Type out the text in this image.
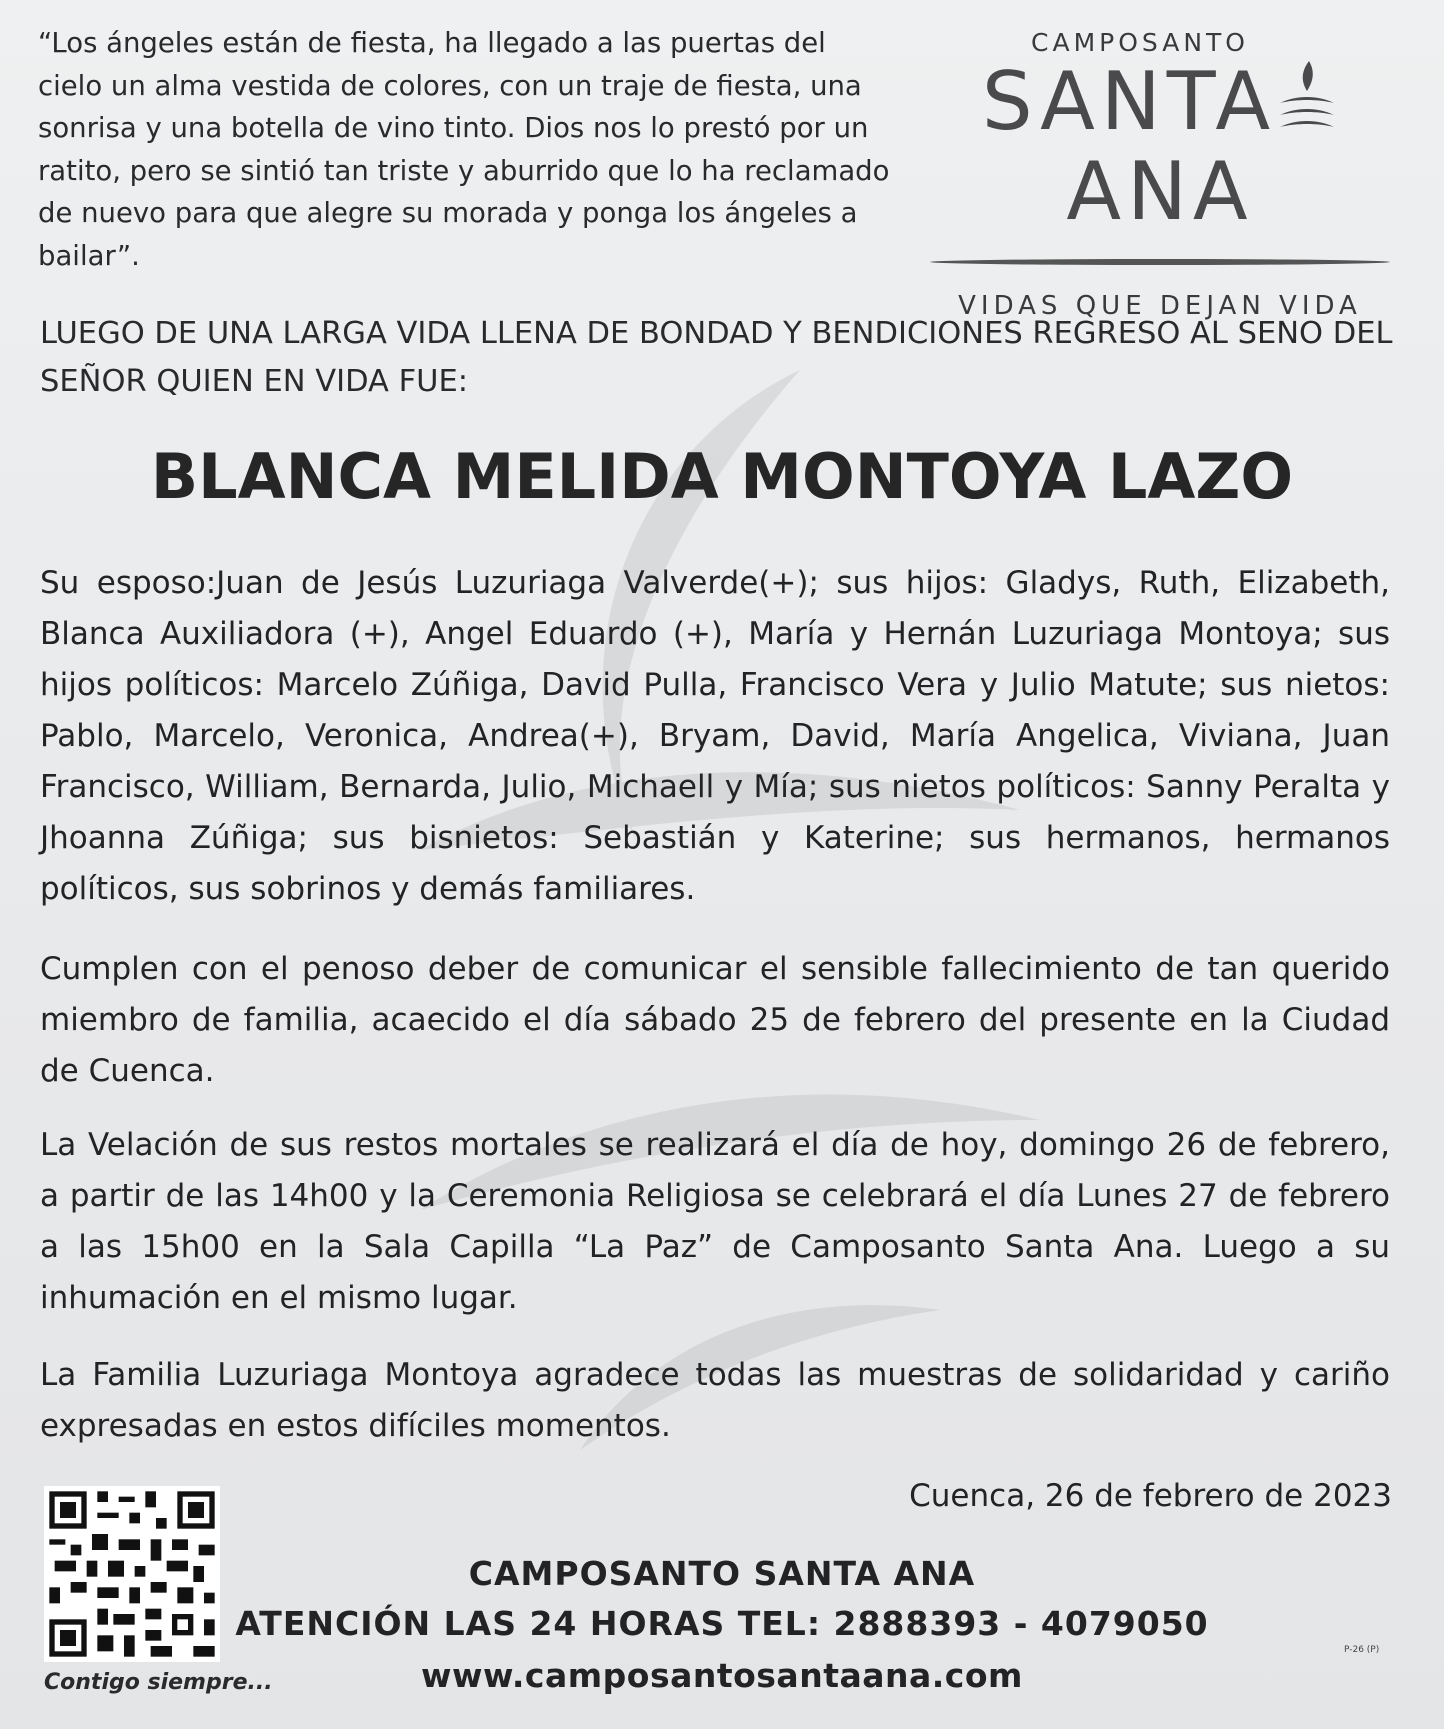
“Los ángeles están de fiesta, ha llegado a las puertas del cielo un alma vestida de colores, con un traje de fiesta, una sonrisa y una botella de vino tinto. Dios nos lo prestó por un ratito, pero se sintió tan triste y aburrido que lo ha reclamado de nuevo para que alegre su morada y ponga los ángeles a bailar”.
CAMPOSANTO
SANTAANA
VIDAS QUE DEJAN VIDA
LUEGO DE UNA LARGA VIDA LLENA DE BONDAD Y BENDICIONES REGRESO AL SENO DEL SEÑOR QUIEN EN VIDA FUE:
BLANCA MELIDA MONTOYA LAZO
Su esposo:Juan de Jesús Luzuriaga Valverde(+); sus hijos: Gladys, Ruth, Elizabeth, Blanca Auxiliadora (+), Angel Eduardo (+), María y Hernán Luzuriaga Montoya; sus hijos políticos: Marcelo Zúñiga, David Pulla, Francisco Vera y Julio Matute; sus nietos: Pablo, Marcelo, Veronica, Andrea(+), Bryam, David, María Angelica, Viviana, Juan Francisco, William, Bernarda, Julio, Michaell y Mía; sus nietos políticos: Sanny Peralta y Jhoanna Zúñiga; sus bisnietos: Sebastián y Katerine; sus hermanos, hermanos políticos, sus sobrinos y demás familiares.
Cumplen con el penoso deber de comunicar el sensible fallecimiento de tan querido miembro de familia, acaecido el día sábado 25 de febrero del presente en la Ciudad de Cuenca.
La Velación de sus restos mortales se realizará el día de hoy, domingo 26 de febrero, a partir de las 14h00 y la Ceremonia Religiosa se celebrará el día Lunes 27 de febrero a las 15h00 en la Sala Capilla “La Paz” de Camposanto Santa Ana. Luego a su inhumación en el mismo lugar.
La Familia Luzuriaga Montoya agradece todas las muestras de solidaridad y cariño expresadas en estos difíciles momentos.
Cuenca, 26 de febrero de 2023
Contigo siempre...
CAMPOSANTO SANTA ANA
ATENCIÓN LAS 24 HORAS TEL: 2888393 - 4079050
www.camposantosantaana.com
P-26 (P)
